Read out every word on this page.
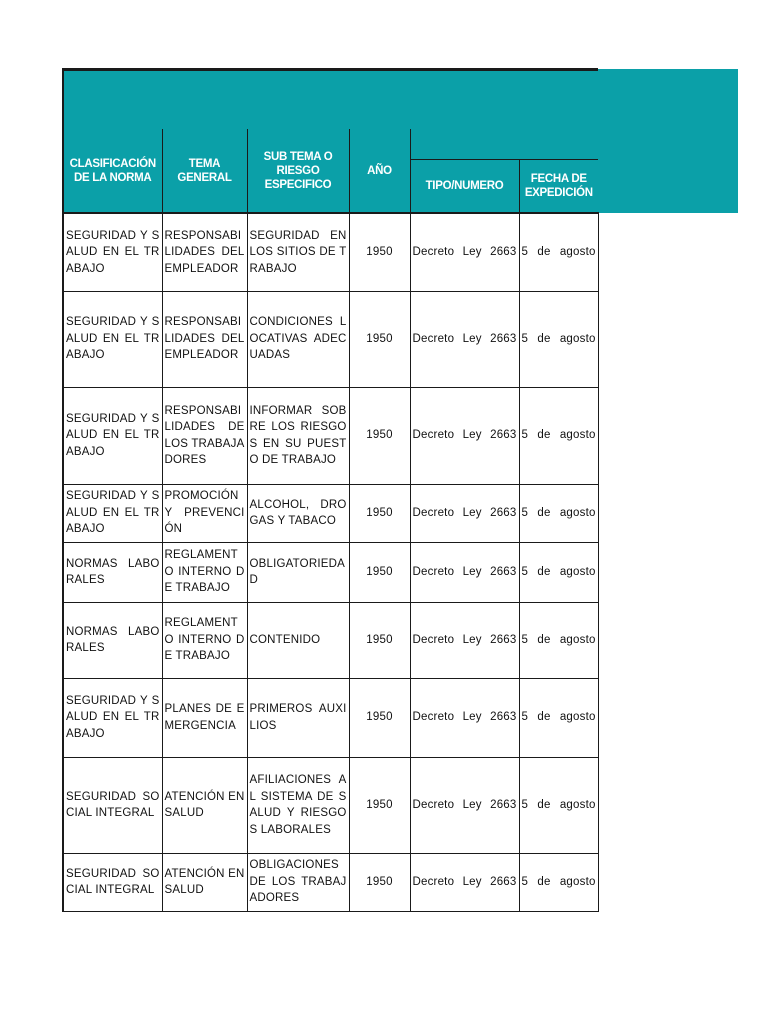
CLASIFICACIÓN DE LA NORMA	TEMA GENERAL	SUB TEMA O RIESGO ESPECIFICO	AÑO		
				TIPO/NUMERO	FECHA DE EXPEDICIÓN
SEGURIDAD Y SALUD EN EL TRABAJO	RESPONSABILIDADES DEL EMPLEADOR	SEGURIDAD EN LOS SITIOS DE TRABAJO	1950	Decreto Ley 2663	5 de agosto
SEGURIDAD Y SALUD EN EL TRABAJO	RESPONSABILIDADES DEL EMPLEADOR	CONDICIONES LOCATIVAS ADECUADAS	1950	Decreto Ley 2663	5 de agosto
SEGURIDAD Y SALUD EN EL TRABAJO	RESPONSABILIDADES DE LOS TRABAJADORES	INFORMAR SOBRE LOS RIESGOS EN SU PUESTO DE TRABAJO	1950	Decreto Ley 2663	5 de agosto
SEGURIDAD Y SALUD EN EL TRABAJO	PROMOCIÓN Y PREVENCIÓN	ALCOHOL, DROGAS Y TABACO	1950	Decreto Ley 2663	5 de agosto
NORMAS LABORALES	REGLAMENTO INTERNO DE TRABAJO	OBLIGATORIEDAD	1950	Decreto Ley 2663	5 de agosto
NORMAS LABORALES	REGLAMENTO INTERNO DE TRABAJO	CONTENIDO	1950	Decreto Ley 2663	5 de agosto
SEGURIDAD Y SALUD EN EL TRABAJO	PLANES DE EMERGENCIA	PRIMEROS AUXILIOS	1950	Decreto Ley 2663	5 de agosto
SEGURIDAD SOCIAL INTEGRAL	ATENCIÓN EN SALUD	AFILIACIONES AL SISTEMA DE SALUD Y RIESGOS LABORALES	1950	Decreto Ley 2663	5 de agosto
SEGURIDAD SOCIAL INTEGRAL	ATENCIÓN EN SALUD	OBLIGACIONES DE LOS TRABAJADORES	1950	Decreto Ley 2663	5 de agosto
